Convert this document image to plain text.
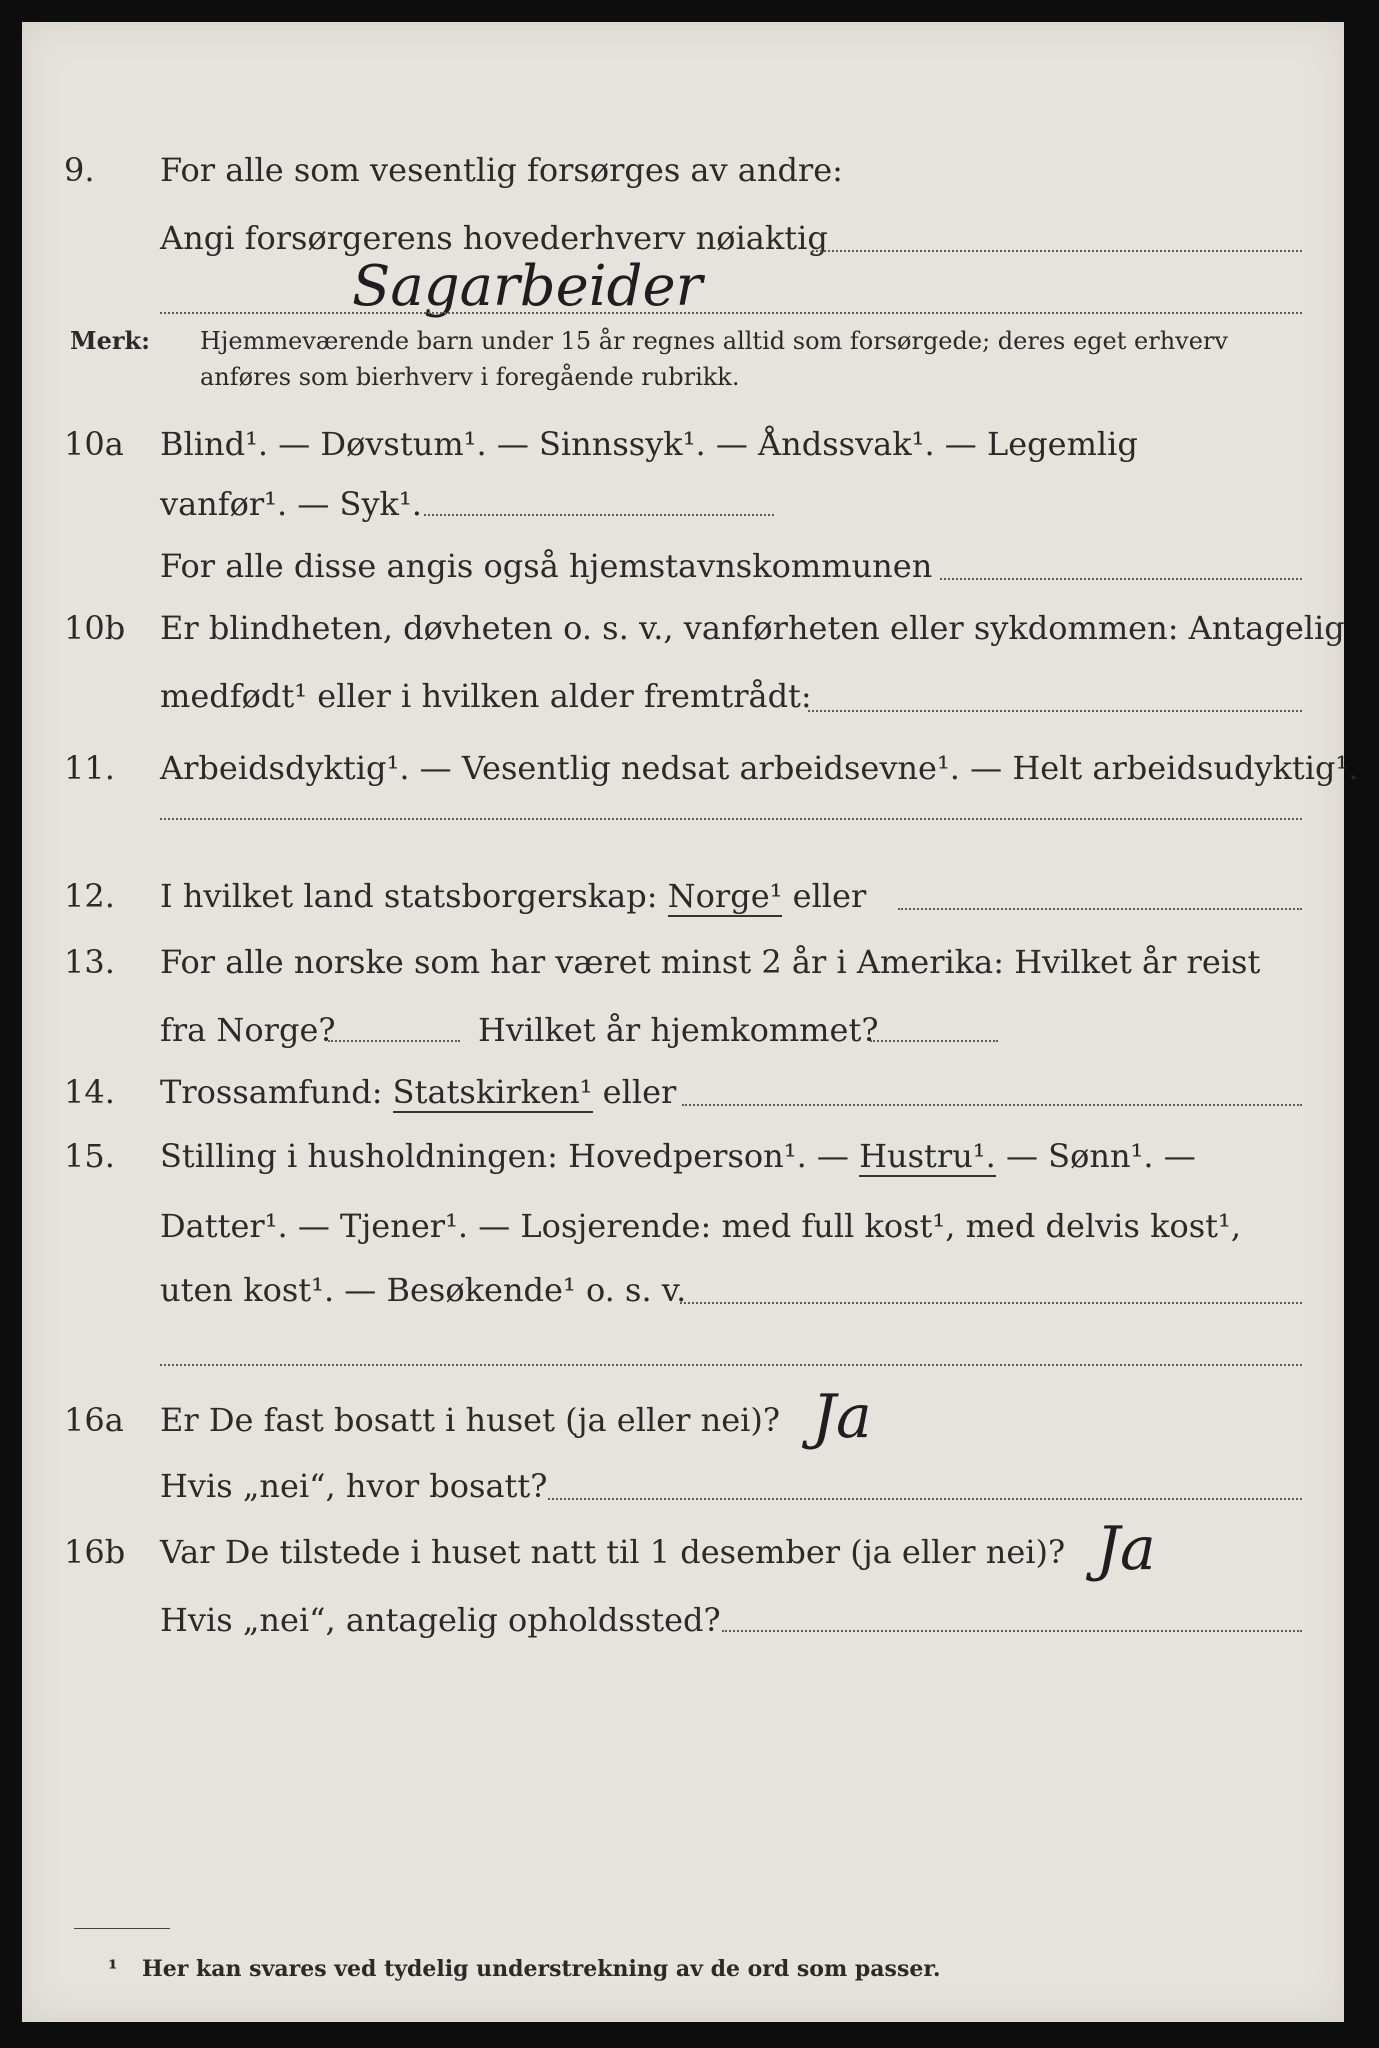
9.	For alle som vesentlig forsørges av andre:
Angi forsørgerens hovederhverv nøiaktig
Sagarbeider
Merk:	Hjemmeværende barn under 15 år regnes alltid som forsørgede; deres eget erhverv
anføres som bierhverv i foregående rubrikk.
10a	Blind¹. — Døvstum¹. — Sinnssyk¹. — Åndssvak¹. — Legemlig
vanfør¹. — Syk¹.
For alle disse angis også hjemstavnskommunen
10b	Er blindheten, døvheten o. s. v., vanførheten eller sykdommen: Antagelig
medfødt¹ eller i hvilken alder fremtrådt:
11.	Arbeidsdyktig¹. — Vesentlig nedsat arbeidsevne¹. — Helt arbeidsudyktig¹.
12.	I hvilket land statsborgerskap: Norge¹ eller
13.	For alle norske som har været minst 2 år i Amerika: Hvilket år reist
fra Norge?	Hvilket år hjemkommet?
14.	Trossamfund: Statskirken¹ eller
15.	Stilling i husholdningen: Hovedperson¹. — Hustru¹. — Sønn¹. —
Datter¹. — Tjener¹. — Losjerende: med full kost¹, med delvis kost¹,
uten kost¹. — Besøkende¹ o. s. v.
16a	Er De fast bosatt i huset (ja eller nei)? Ja
Hvis „nei“, hvor bosatt?
16b	Var De tilstede i huset natt til 1 desember (ja eller nei)? Ja
Hvis „nei“, antagelig opholdssted?
¹	Her kan svares ved tydelig understrekning av de ord som passer.
